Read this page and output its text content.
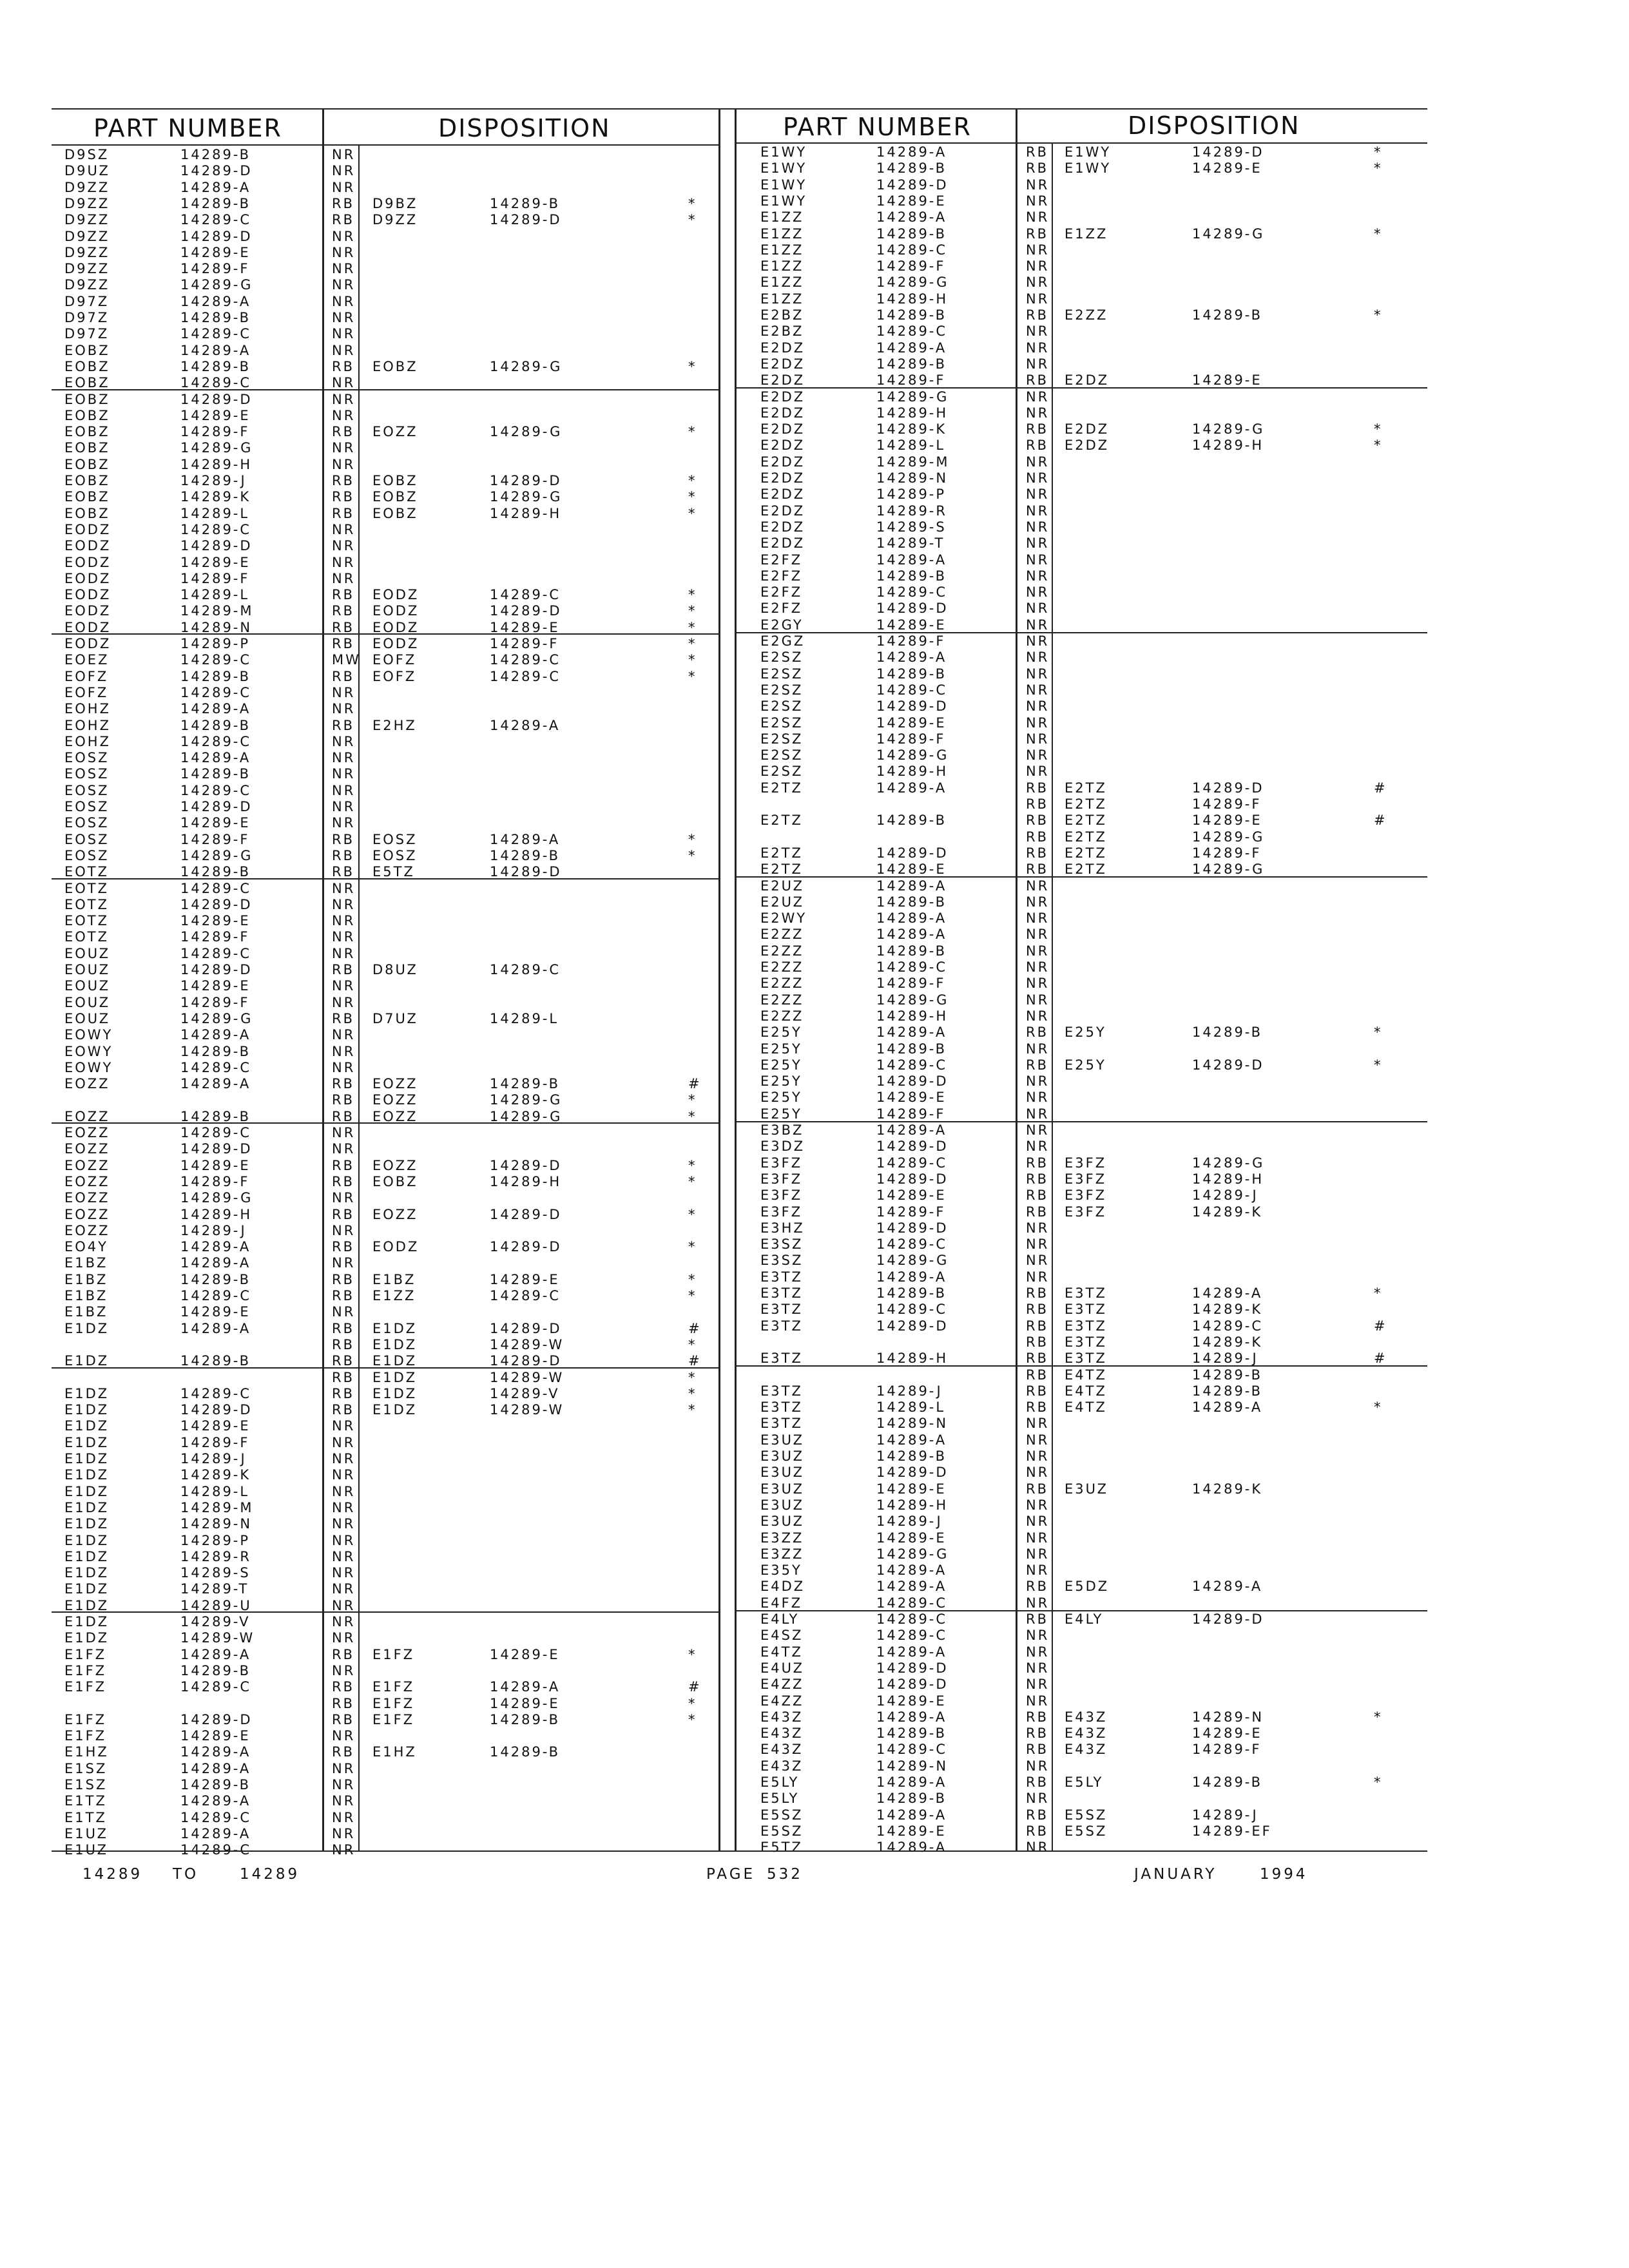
PART NUMBER	DISPOSITION	PART NUMBER	DISPOSITION
D9SZ	14289-B	NR
D9UZ	14289-D	NR
D9ZZ	14289-A	NR
D9ZZ	14289-B	RB D9BZ	14289-B	*
D9ZZ	14289-C	RB D9ZZ	14289-D	*
D9ZZ	14289-D	NR
D9ZZ	14289-E	NR
D9ZZ	14289-F	NR
D9ZZ	14289-G	NR
D97Z	14289-A	NR
D97Z	14289-B	NR
D97Z	14289-C	NR
EOBZ	14289-A	NR
EOBZ	14289-B	RB EOBZ	14289-G	*
EOBZ	14289-C	NR
EOBZ	14289-D	NR
EOBZ	14289-E	NR
EOBZ	14289-F	RB EOZZ	14289-G	*
EOBZ	14289-G	NR
EOBZ	14289-H	NR
EOBZ	14289-J	RB EOBZ	14289-D	*
EOBZ	14289-K	RB EOBZ	14289-G	*
EOBZ	14289-L	RB EOBZ	14289-H	*
EODZ	14289-C	NR
EODZ	14289-D	NR
EODZ	14289-E	NR
EODZ	14289-F	NR
EODZ	14289-L	RB EODZ	14289-C	*
EODZ	14289-M	RB EODZ	14289-D	*
EODZ	14289-N	RB EODZ	14289-E	*
EODZ	14289-P	RB EODZ	14289-F	*
EOEZ	14289-C	MW EOFZ	14289-C	*
EOFZ	14289-B	RB EOFZ	14289-C	*
EOFZ	14289-C	NR
EOHZ	14289-A	NR
EOHZ	14289-B	RB E2HZ	14289-A
EOHZ	14289-C	NR
EOSZ	14289-A	NR
EOSZ	14289-B	NR
EOSZ	14289-C	NR
EOSZ	14289-D	NR
EOSZ	14289-E	NR
EOSZ	14289-F	RB EOSZ	14289-A	*
EOSZ	14289-G	RB EOSZ	14289-B	*
EOTZ	14289-B	RB E5TZ	14289-D
EOTZ	14289-C	NR
EOTZ	14289-D	NR
EOTZ	14289-E	NR
EOTZ	14289-F	NR
EOUZ	14289-C	NR
EOUZ	14289-D	RB D8UZ	14289-C
EOUZ	14289-E	NR
EOUZ	14289-F	NR
EOUZ	14289-G	RB D7UZ	14289-L
EOWY	14289-A	NR
EOWY	14289-B	NR
EOWY	14289-C	NR
EOZZ	14289-A	RB EOZZ	14289-B	#
RB EOZZ	14289-G	*
EOZZ	14289-B	RB EOZZ	14289-G	*
EOZZ	14289-C	NR
EOZZ	14289-D	NR
EOZZ	14289-E	RB EOZZ	14289-D	*
EOZZ	14289-F	RB EOBZ	14289-H	*
EOZZ	14289-G	NR
EOZZ	14289-H	RB EOZZ	14289-D	*
EOZZ	14289-J	NR
EO4Y	14289-A	RB EODZ	14289-D	*
E1BZ	14289-A	NR
E1BZ	14289-B	RB E1BZ	14289-E	*
E1BZ	14289-C	RB E1ZZ	14289-C	*
E1BZ	14289-E	NR
E1DZ	14289-A	RB E1DZ	14289-D	#
RB E1DZ	14289-W	*
E1DZ	14289-B	RB E1DZ	14289-D	#
RB E1DZ	14289-W	*
E1DZ	14289-C	RB E1DZ	14289-V	*
E1DZ	14289-D	RB E1DZ	14289-W	*
E1DZ	14289-E	NR
E1DZ	14289-F	NR
E1DZ	14289-J	NR
E1DZ	14289-K	NR
E1DZ	14289-L	NR
E1DZ	14289-M	NR
E1DZ	14289-N	NR
E1DZ	14289-P	NR
E1DZ	14289-R	NR
E1DZ	14289-S	NR
E1DZ	14289-T	NR
E1DZ	14289-U	NR
E1DZ	14289-V	NR
E1DZ	14289-W	NR
E1FZ	14289-A	RB E1FZ	14289-E	*
E1FZ	14289-B	NR
E1FZ	14289-C	RB E1FZ	14289-A	#
RB E1FZ	14289-E	*
E1FZ	14289-D	RB E1FZ	14289-B	*
E1FZ	14289-E	NR
E1HZ	14289-A	RB E1HZ	14289-B
E1SZ	14289-A	NR
E1SZ	14289-B	NR
E1TZ	14289-A	NR
E1TZ	14289-C	NR
E1UZ	14289-A	NR
E1UZ	14289-C	NR
E1WY	14289-A	RB E1WY	14289-D	*
E1WY	14289-B	RB E1WY	14289-E	*
E1WY	14289-D	NR
E1WY	14289-E	NR
E1ZZ	14289-A	NR
E1ZZ	14289-B	RB E1ZZ	14289-G	*
E1ZZ	14289-C	NR
E1ZZ	14289-F	NR
E1ZZ	14289-G	NR
E1ZZ	14289-H	NR
E2BZ	14289-B	RB E2ZZ	14289-B	*
E2BZ	14289-C	NR
E2DZ	14289-A	NR
E2DZ	14289-B	NR
E2DZ	14289-F	RB E2DZ	14289-E
E2DZ	14289-G	NR
E2DZ	14289-H	NR
E2DZ	14289-K	RB E2DZ	14289-G	*
E2DZ	14289-L	RB E2DZ	14289-H	*
E2DZ	14289-M	NR
E2DZ	14289-N	NR
E2DZ	14289-P	NR
E2DZ	14289-R	NR
E2DZ	14289-S	NR
E2DZ	14289-T	NR
E2FZ	14289-A	NR
E2FZ	14289-B	NR
E2FZ	14289-C	NR
E2FZ	14289-D	NR
E2GY	14289-E	NR
E2GZ	14289-F	NR
E2SZ	14289-A	NR
E2SZ	14289-B	NR
E2SZ	14289-C	NR
E2SZ	14289-D	NR
E2SZ	14289-E	NR
E2SZ	14289-F	NR
E2SZ	14289-G	NR
E2SZ	14289-H	NR
E2TZ	14289-A	RB E2TZ	14289-D	#
RB E2TZ	14289-F
E2TZ	14289-B	RB E2TZ	14289-E	#
RB E2TZ	14289-G
E2TZ	14289-D	RB E2TZ	14289-F
E2TZ	14289-E	RB E2TZ	14289-G
E2UZ	14289-A	NR
E2UZ	14289-B	NR
E2WY	14289-A	NR
E2ZZ	14289-A	NR
E2ZZ	14289-B	NR
E2ZZ	14289-C	NR
E2ZZ	14289-F	NR
E2ZZ	14289-G	NR
E2ZZ	14289-H	NR
E25Y	14289-A	RB E25Y	14289-B	*
E25Y	14289-B	NR
E25Y	14289-C	RB E25Y	14289-D	*
E25Y	14289-D	NR
E25Y	14289-E	NR
E25Y	14289-F	NR
E3BZ	14289-A	NR
E3DZ	14289-D	NR
E3FZ	14289-C	RB E3FZ	14289-G
E3FZ	14289-D	RB E3FZ	14289-H
E3FZ	14289-E	RB E3FZ	14289-J
E3FZ	14289-F	RB E3FZ	14289-K
E3HZ	14289-D	NR
E3SZ	14289-C	NR
E3SZ	14289-G	NR
E3TZ	14289-A	NR
E3TZ	14289-B	RB E3TZ	14289-A	*
E3TZ	14289-C	RB E3TZ	14289-K
E3TZ	14289-D	RB E3TZ	14289-C	#
RB E3TZ	14289-K
E3TZ	14289-H	RB E3TZ	14289-J	#
RB E4TZ	14289-B
E3TZ	14289-J	RB E4TZ	14289-B
E3TZ	14289-L	RB E4TZ	14289-A	*
E3TZ	14289-N	NR
E3UZ	14289-A	NR
E3UZ	14289-B	NR
E3UZ	14289-D	NR
E3UZ	14289-E	RB E3UZ	14289-K
E3UZ	14289-H	NR
E3UZ	14289-J	NR
E3ZZ	14289-E	NR
E3ZZ	14289-G	NR
E35Y	14289-A	NR
E4DZ	14289-A	RB E5DZ	14289-A
E4FZ	14289-C	NR
E4LY	14289-C	RB E4LY	14289-D
E4SZ	14289-C	NR
E4TZ	14289-A	NR
E4UZ	14289-D	NR
E4ZZ	14289-D	NR
E4ZZ	14289-E	NR
E43Z	14289-A	RB E43Z	14289-N	*
E43Z	14289-B	RB E43Z	14289-E
E43Z	14289-C	RB E43Z	14289-F
E43Z	14289-N	NR
E5LY	14289-A	RB E5LY	14289-B	*
E5LY	14289-B	NR
E5SZ	14289-A	RB E5SZ	14289-J
E5SZ	14289-E	RB E5SZ	14289-EF
E5TZ	14289-A	NR
14289 TO	14289	PAGE 532	JANUARY	1994
